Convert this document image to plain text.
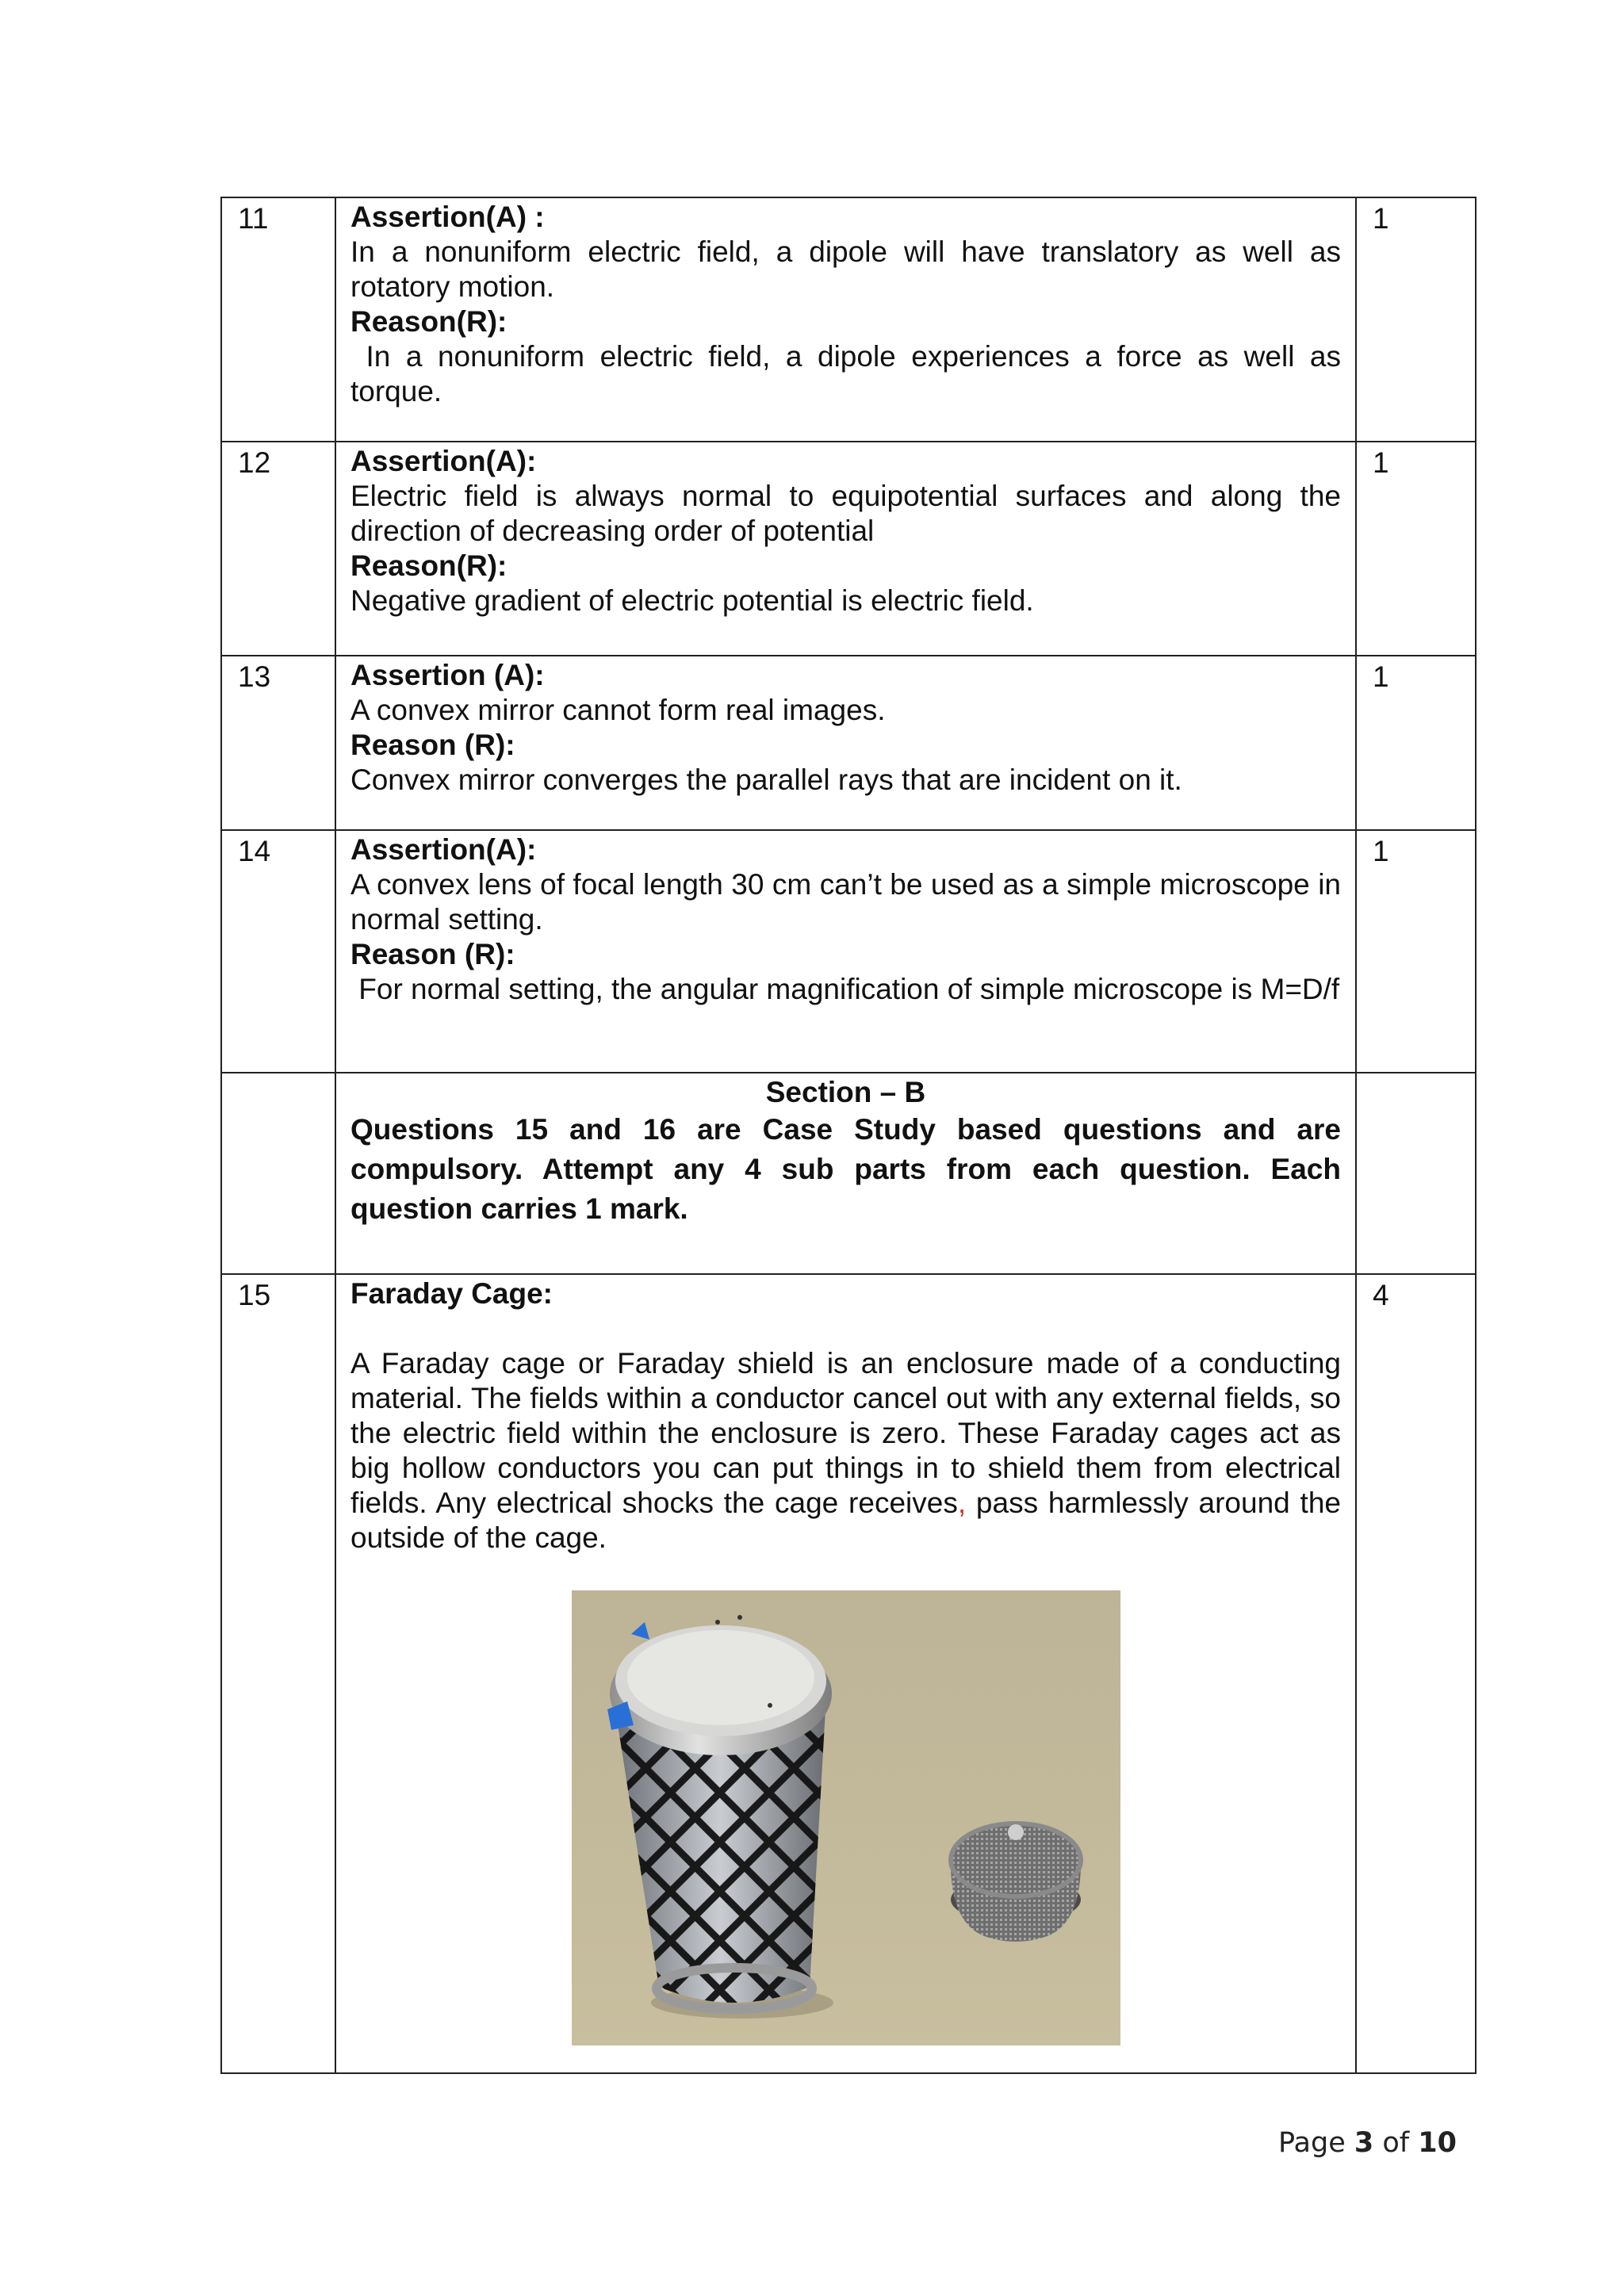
11	Assertion(A) :
In a nonuniform electric field, a dipole will have translatory as well as rotatory motion.
Reason(R):
In a nonuniform electric field, a dipole experiences a force as well as torque.	1
12	Assertion(A):
Electric field is always normal to equipotential surfaces and along the direction of decreasing order of potential
Reason(R):
Negative gradient of electric potential is electric field.	1
13	Assertion (A):
A convex mirror cannot form real images.
Reason (R):
Convex mirror converges the parallel rays that are incident on it.	1
14	Assertion(A):
A convex lens of focal length 30 cm can’t be used as a simple microscope in normal setting.
Reason (R):
For normal setting, the angular magnification of simple microscope is M=D/f	1

	Section – B
Questions 15 and 16 are Case Study based questions and are compulsory. Attempt any 4 sub parts from each question. Each question carries 1 mark.	

15	Faraday Cage:
A Faraday cage or Faraday shield is an enclosure made of a conducting material. The fields within a conductor cancel out with any external fields, so the electric field within the enclosure is zero. These Faraday cages act as big hollow conductors you can put things in to shield them from electrical fields. Any electrical shocks the cage receives, pass harmlessly around the outside of the cage.	4
Page 3 of 10
